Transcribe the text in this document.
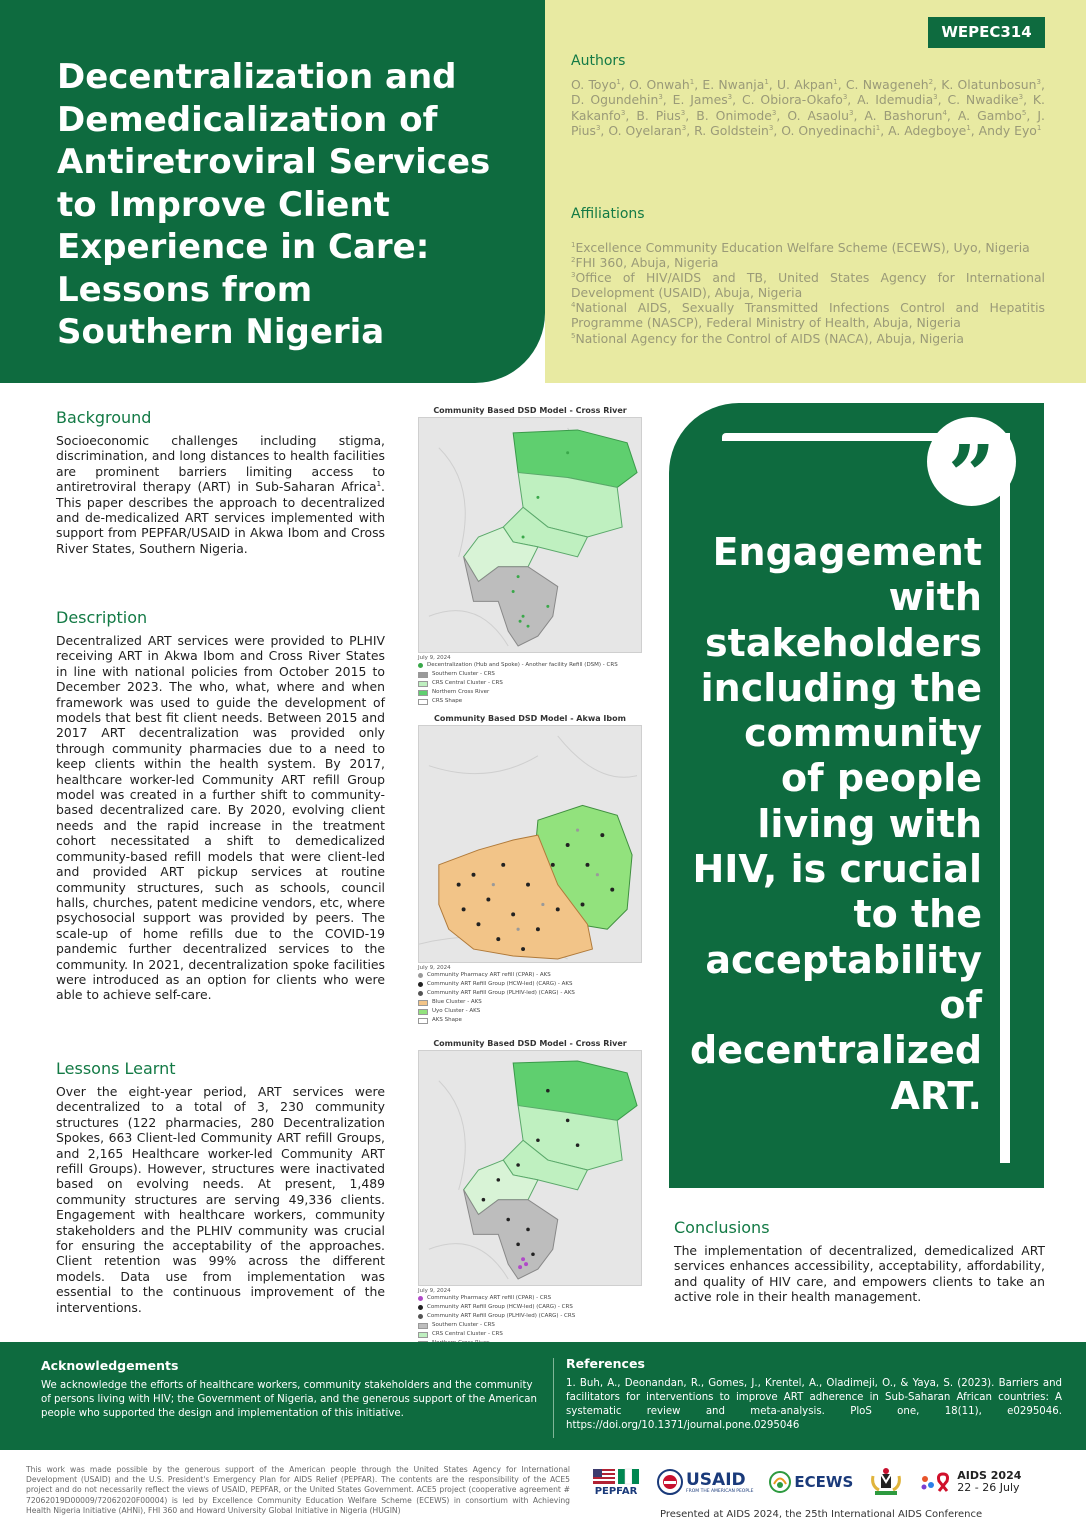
Decentralization and Demedicalization of Antiretroviral Services to Improve Client Experience in Care: Lessons from Southern Nigeria
WEPEC314
Authors
O. Toyo$^1$, O. Onwah$^1$, E. Nwanja$^1$, U. Akpan$^1$, C. Nwageneh$^2$, K. Olatunbosun$^3$, D. Ogundehin$^3$, E. James$^3$, C. Obiora-Okafo$^3$, A. Idemudia$^3$, C. Nwadike$^3$, K. Kakanfo$^3$, B. Pius$^3$, B. Onimode$^3$, O. Asaolu$^3$, A. Bashorun$^4$, A. Gambo$^5$, J. Pius$^3$, O. Oyelaran$^3$, R. Goldstein$^3$, O. Onyedinachi$^1$, A. Adegboye$^1$, Andy Eyo$^1$
Affiliations
$^1$Excellence Community Education Welfare Scheme (ECEWS), Uyo, Nigeria
$^2$FHI 360, Abuja, Nigeria
$^3$Office of HIV/AIDS and TB, United States Agency for International Development (USAID), Abuja, Nigeria
$^4$National AIDS, Sexually Transmitted Infections Control and Hepatitis Programme (NASCP), Federal Ministry of Health, Abuja, Nigeria
$^5$National Agency for the Control of AIDS (NACA), Abuja, Nigeria
Background

Socioeconomic challenges including stigma, discrimination, and long distances to health facilities are prominent barriers limiting access to antiretroviral therapy (ART) in Sub-Saharan Africa$^1$. This paper describes the approach to decentralized and de-medicalized ART services implemented with support from PEPFAR/USAID in Akwa Ibom and Cross River States, Southern Nigeria.

Description

Decentralized ART services were provided to PLHIV receiving ART in Akwa Ibom and Cross River States in line with national policies from October 2015 to December 2023. The who, what, where and when framework was used to guide the development of models that best fit client needs. Between 2015 and 2017 ART decentralization was provided only through community pharmacies due to a need to keep clients within the health system. By 2017, healthcare worker-led Community ART refill Group model was created in a further shift to community-based decentralized care. By 2020, evolving client needs and the rapid increase in the treatment cohort necessitated a shift to demedicalized community-based refill models that were client-led and provided ART pickup services at routine community structures, such as schools, council halls, churches, patent medicine vendors, etc, where psychosocial support was provided by peers. The scale-up of home refills due to the COVID-19 pandemic further decentralized services to the community. In 2021, decentralization spoke facilities were introduced as an option for clients who were able to achieve self-care.

Lessons Learnt

Over the eight-year period, ART services were decentralized to a total of 3, 230 community structures (122 pharmacies, 280 Decentralization Spokes, 663 Client-led Community ART refill Groups, and 2,165 Healthcare worker-led Community ART refill Groups). However, structures were inactivated based on evolving needs. At present, 1,489 community structures are serving 49,336 clients. Engagement with healthcare workers, community stakeholders and the PLHIV community was crucial for ensuring the acceptability of the approaches. Client retention was 99% across the different models. Data use from implementation was essential to the continuous improvement of the interventions.

Community Based DSD Model - Cross River
July 9, 2024
Decentralization (Hub and Spoke) - Another facility Refill (DSM) - CRS
Southern Cluster - CRS
CRS Central Cluster - CRS
Northern Cross River
CRS Shape
Community Based DSD Model - Akwa Ibom
July 9, 2024
Community Pharmacy ART refill (CPAR) - AKS
Community ART Refill Group (HCW-led) (CARG) - AKS
Community ART Refill Group (PLHIV-led) (CARG) - AKS
Blue Cluster - AKS
Uyo Cluster - AKS
AKS Shape
Community Based DSD Model - Cross River
July 9, 2024
Community Pharmacy ART refill (CPAR) - CRS
Community ART Refill Group (HCW-led) (CARG) - CRS
Community ART Refill Group (PLHIV-led) (CARG) - CRS
Southern Cluster - CRS
CRS Central Cluster - CRS
”
Engagement with stakeholders including the community of people living with HIV, is crucial to the acceptability of decentralized ART.
Conclusions

The implementation of decentralized, demedicalized ART services enhances accessibility, acceptability, affordability, and quality of HIV care, and empowers clients to take an active role in their health management.

Acknowledgements

We acknowledge the efforts of healthcare workers, community stakeholders and the community of persons living with HIV; the Government of Nigeria, and the generous support of the American people who supported the design and implementation of this initiative.

References

1. Buh, A., Deonandan, R., Gomes, J., Krentel, A., Oladimeji, O., & Yaya, S. (2023). Barriers and facilitators for interventions to improve ART adherence in Sub-Saharan African countries: A systematic review and meta-analysis. PloS one, 18(11), e0295046. https://doi.org/10.1371/journal.pone.0295046

This work was made possible by the generous support of the American people through the United States Agency for International Development (USAID) and the U.S. President's Emergency Plan for AIDS Relief (PEPFAR). The contents are the responsibility of the ACE5 project and do not necessarily reflect the views of USAID, PEPFAR, or the United States Government. ACE5 project (cooperative agreement # 72062019D00009/72062020F00004) is led by Excellence Community Education Welfare Scheme (ECEWS) in consortium with Achieving Health Nigeria Initiative (AHNi), FHI 360 and Howard University Global Initiative in Nigeria (HUGIN)
PEPFAR
USAID
FROM THE AMERICAN PEOPLE	ECEWS	AIDS 2024
22 - 26 July
Presented at AIDS 2024, the 25th International AIDS Conference
